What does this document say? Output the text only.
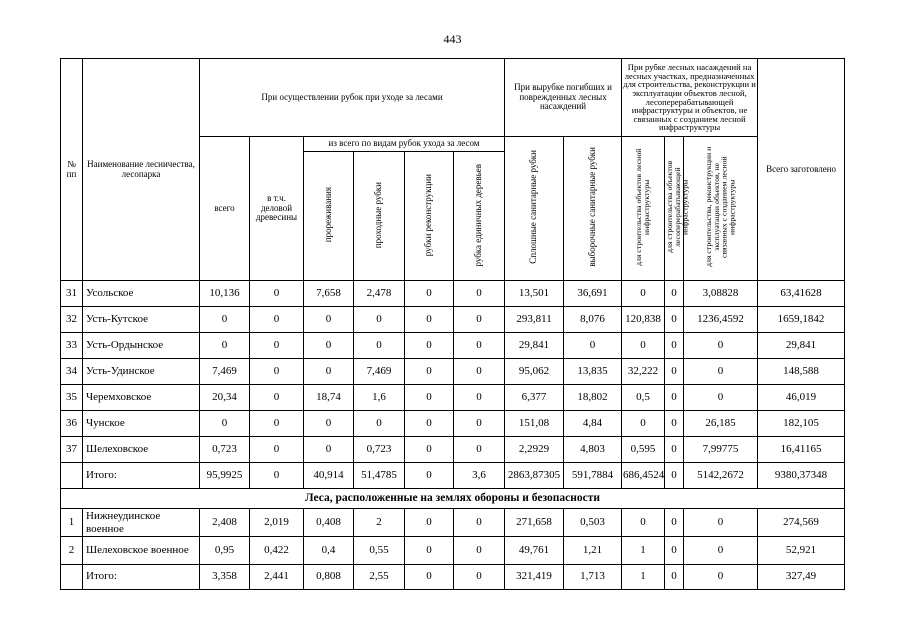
443
№ пп	Наименование лесничества, лесопарка	При осуществлении рубок при уходе за лесами						При вырубке погибших и поврежденных лесных насаждений		При рубке лесных насаждений на лесных участках, предназначенных для строительства, реконструкции и эксплуатации объектов лесной, лесоперерабатывающей инфраструктуры и объектов, не связанных с созданием лесной инфраструктуры			Всего заготовлено
		всего	в т.ч. деловой древесины	из всего по видам рубок ухода за лесом				Сплошные санитарные рубки	выборочные санитарные рубки	для строительства объектов лесной инфраструктуры	для строительства объектов лесоперерабатывающей инфраструктуры	для строительства, реконструкции и эксплуатации объектов, не связанных с созданием лесной инфраструктуры	
				прореживания	проходные рубки	рубки реконструкции	рубка единичных деревьев						
31	Усольское	10,136	0	7,658	2,478	0	0	13,501	36,691	0	0	3,08828	63,41628
32	Усть-Кутское	0	0	0	0	0	0	293,811	8,076	120,838	0	1236,4592	1659,1842
33	Усть-Ордынское	0	0	0	0	0	0	29,841	0	0	0	0	29,841
34	Усть-Удинское	7,469	0	0	7,469	0	0	95,062	13,835	32,222	0	0	148,588
35	Черемховское	20,34	0	18,74	1,6	0	0	6,377	18,802	0,5	0	0	46,019
36	Чунское	0	0	0	0	0	0	151,08	4,84	0	0	26,185	182,105
37	Шелеховское	0,723	0	0	0,723	0	0	2,2929	4,803	0,595	0	7,99775	16,41165
	Итого:	95,9925	0	40,914	51,4785	0	3,6	2863,87305	591,7884	686,4524	0	5142,2672	9380,37348
Леса, расположенные на землях обороны и безопасности													
1	Нижнеудинское военное	2,408	2,019	0,408	2	0	0	271,658	0,503	0	0	0	274,569
2	Шелеховское военное	0,95	0,422	0,4	0,55	0	0	49,761	1,21	1	0	0	52,921
	Итого:	3,358	2,441	0,808	2,55	0	0	321,419	1,713	1	0	0	327,49
